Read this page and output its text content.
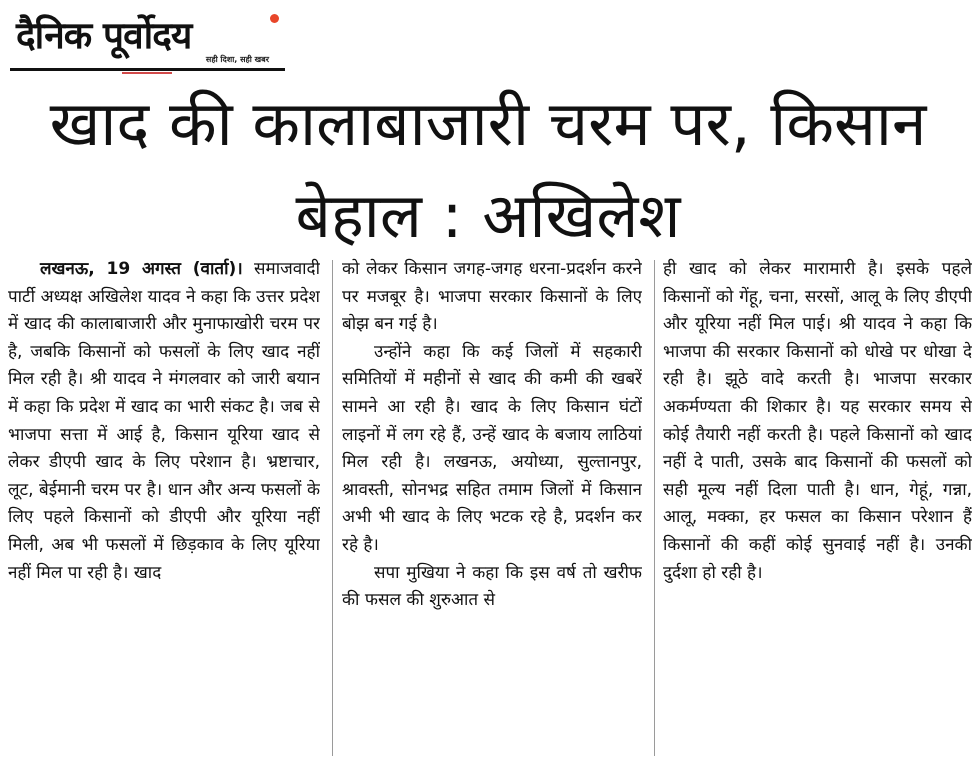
दैनिक पूर्वोदय
सही दिशा, सही खबर
खाद की कालाबाजारी चरम पर, किसान बेहाल : अखिलेश

लखनऊ, 19 अगस्त (वार्ता)। समाजवादी पार्टी अध्यक्ष अखिलेश यादव ने कहा कि उत्तर प्रदेश में खाद की कालाबाजारी और मुनाफाखोरी चरम पर है, जबकि किसानों को फसलों के लिए खाद नहीं मिल रही है। श्री यादव ने मंगलवार को जारी बयान में कहा कि प्रदेश में खाद का भारी संकट है। जब से भाजपा सत्ता में आई है, किसान यूरिया खाद से लेकर डीएपी खाद के लिए परेशान है। भ्रष्टाचार, लूट, बेईमानी चरम पर है। धान और अन्य फसलों के लिए पहले किसानों को डीएपी और यूरिया नहीं मिली, अब भी फसलों में छिड़काव के लिए यूरिया नहीं मिल पा रही है। खाद

को लेकर किसान जगह-जगह धरना-प्रदर्शन करने पर मजबूर है। भाजपा सरकार किसानों के लिए बोझ बन गई है।

उन्होंने कहा कि कई जिलों में सहकारी समितियों में महीनों से खाद की कमी की खबरें सामने आ रही है। खाद के लिए किसान घंटों लाइनों में लग रहे हैं, उन्हें खाद के बजाय लाठियां मिल रही है। लखनऊ, अयोध्या, सुल्तानपुर, श्रावस्ती, सोनभद्र सहित तमाम जिलों में किसान अभी भी खाद के लिए भटक रहे है, प्रदर्शन कर रहे है।

सपा मुखिया ने कहा कि इस वर्ष तो खरीफ की फसल की शुरुआत से

ही खाद को लेकर मारामारी है। इसके पहले किसानों को गेंहू, चना, सरसों, आलू के लिए डीएपी और यूरिया नहीं मिल पाई। श्री यादव ने कहा कि भाजपा की सरकार किसानों को धोखे पर धोखा दे रही है। झूठे वादे करती है। भाजपा सरकार अकर्मण्यता की शिकार है। यह सरकार समय से कोई तैयारी नहीं करती है। पहले किसानों को खाद नहीं दे पाती, उसके बाद किसानों की फसलों को सही मूल्य नहीं दिला पाती है। धान, गेहूं, गन्ना, आलू, मक्का, हर फसल का किसान परेशान हैं किसानों की कहीं कोई सुनवाई नहीं है। उनकी दुर्दशा हो रही है।
